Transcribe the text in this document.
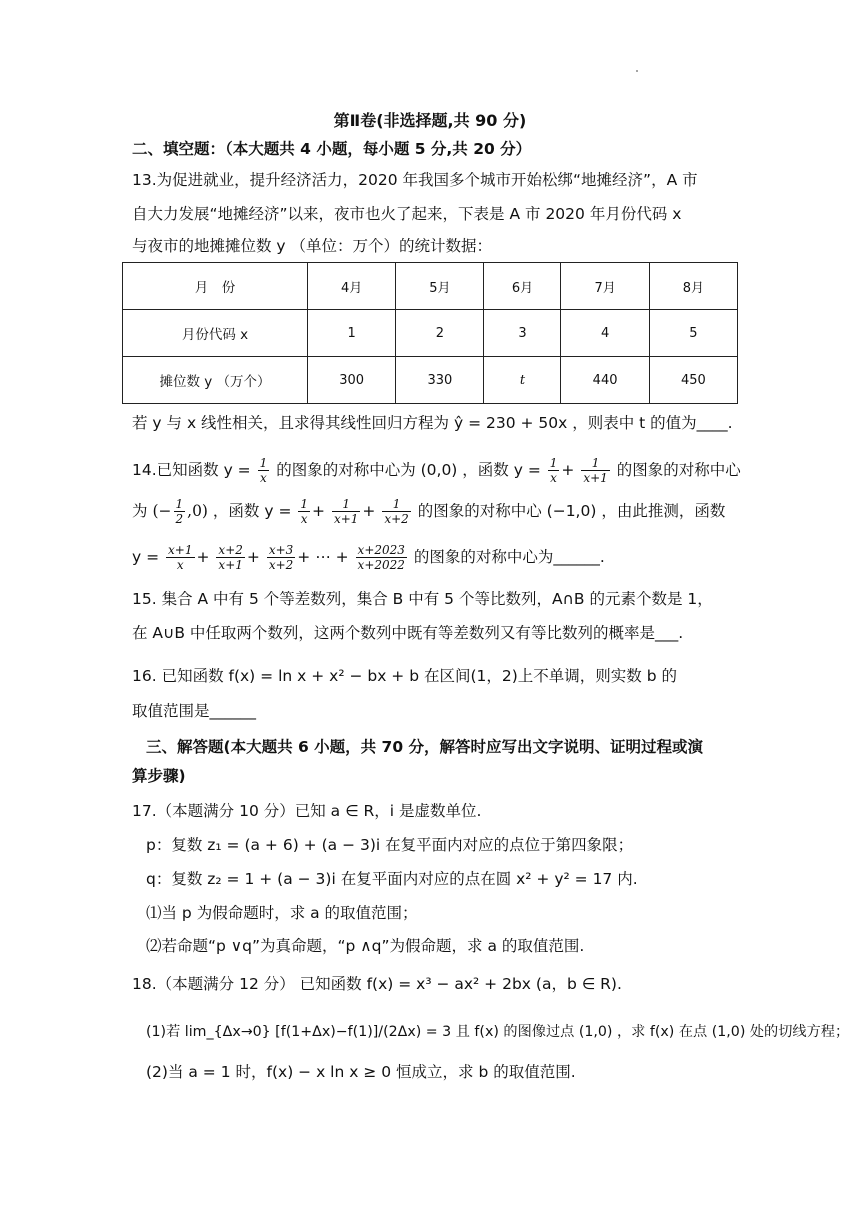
第Ⅱ卷(非选择题,共 90 分)
二、填空题：（本大题共 4 小题，每小题 5 分,共 20 分）
13.为促进就业，提升经济活力，2020 年我国多个城市开始松绑“地摊经济”，A 市
自大力发展“地摊经济”以来，夜市也火了起来，下表是 A 市 2020 年月份代码 x
与夜市的地摊摊位数 y （单位：万个）的统计数据：
月　份	4月	5月	6月	7月	8月
月份代码 x	1	2	3	4	5
摊位数 y （万个）	300	330	t	440	450
若 y 与 x 线性相关，且求得其线性回归方程为 ŷ = 230 + 50x ，则表中 t 的值为____.
14.已知函数 $y = \frac{1}{x}$ 的图象的对称中心为 (0,0) ，函数 $y = \frac{1}{x} + \frac{1}{x+1}$ 的图象的对称中心
为 (− $\frac{1}{2} ,0$) ，函数 $y = \frac{1}{x} + \frac{1}{x+1} + \frac{1}{x+2}$ 的图象的对称中心 (−1,0) ，由此推测，函数
$y = \frac{x+1}{x} + \frac{x+2}{x+1} + \frac{x+3}{x+2}$ + ⋯ + $\frac{x+2023}{x+2022}$ 的图象的对称中心为______.
15. 集合 A 中有 5 个等差数列，集合 B 中有 5 个等比数列，A∩B 的元素个数是 1，
在 A∪B 中任取两个数列，这两个数列中既有等差数列又有等比数列的概率是___.
16. 已知函数 f(x) = ln x + x² − bx + b 在区间(1，2)上不单调，则实数 b 的
取值范围是______
三、解答题(本大题共 6 小题，共 70 分，解答时应写出文字说明、证明过程或演
算步骤)
17.（本题满分 10 分）已知 a ∈ R，i 是虚数单位.
p：复数 z₁ = (a + 6) + (a − 3)i 在复平面内对应的点位于第四象限；
q：复数 z₂ = 1 + (a − 3)i 在复平面内对应的点在圆 x² + y² = 17 内.
⑴当 p 为假命题时，求 a 的取值范围；
⑵若命题“p ∨q”为真命题，“p ∧q”为假命题，求 a 的取值范围.
18.（本题满分 12 分） 已知函数 f(x) = x³ − ax² + 2bx (a，b ∈ R).
(1)若 lim_{Δx→0} [f(1+Δx)−f(1)]/(2Δx) = 3 且 f(x) 的图像过点 (1,0) ，求 f(x) 在点 (1,0) 处的切线方程；
(2)当 a = 1 时，f(x) − x ln x ≥ 0 恒成立，求 b 的取值范围.
